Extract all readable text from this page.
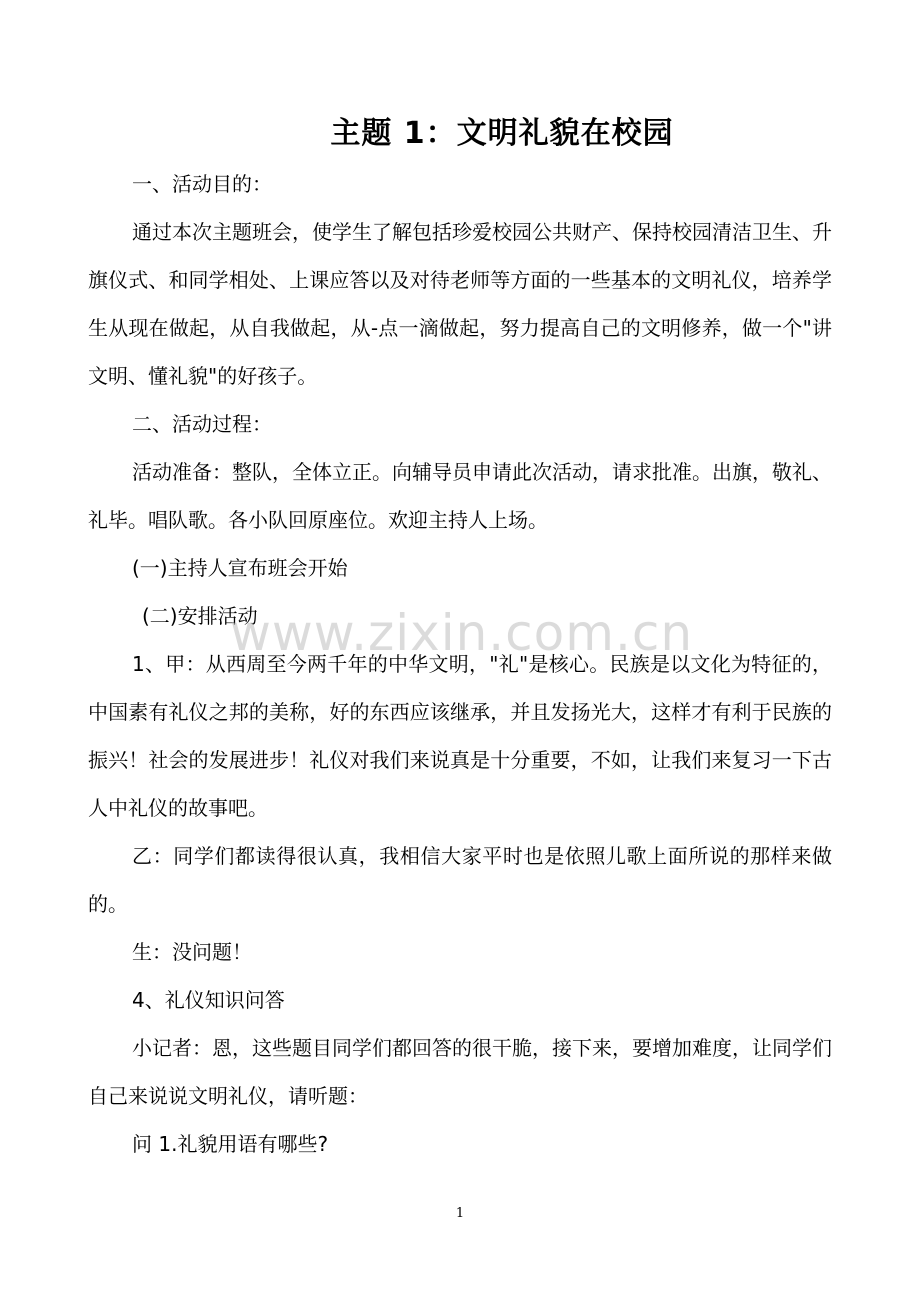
主题 1：文明礼貌在校园

一、活动目的：

通过本次主题班会，使学生了解包括珍爱校园公共财产、保持校园清洁卫生、升旗仪式、和同学相处、上课应答以及对待老师等方面的一些基本的文明礼仪，培养学生从现在做起，从自我做起，从-点一滴做起，努力提高自己的文明修养，做一个"讲文明、懂礼貌"的好孩子。

二、活动过程：

活动准备：整队，全体立正。向辅导员申请此次活动，请求批准。出旗，敬礼、礼毕。唱队歌。各小队回原座位。欢迎主持人上场。

(一)主持人宣布班会开始

(二)安排活动

1、甲：从西周至今两千年的中华文明，"礼"是核心。民族是以文化为特征的，中国素有礼仪之邦的美称，好的东西应该继承，并且发扬光大，这样才有利于民族的振兴！社会的发展进步！礼仪对我们来说真是十分重要，不如，让我们来复习一下古人中礼仪的故事吧。

乙：同学们都读得很认真，我相信大家平时也是依照儿歌上面所说的那样来做的。

生：没问题！

4、礼仪知识问答

小记者：恩，这些题目同学们都回答的很干脆，接下来，要增加难度，让同学们自己来说说文明礼仪，请听题：

问 1.礼貌用语有哪些?

www.zixin.com.cn
1
